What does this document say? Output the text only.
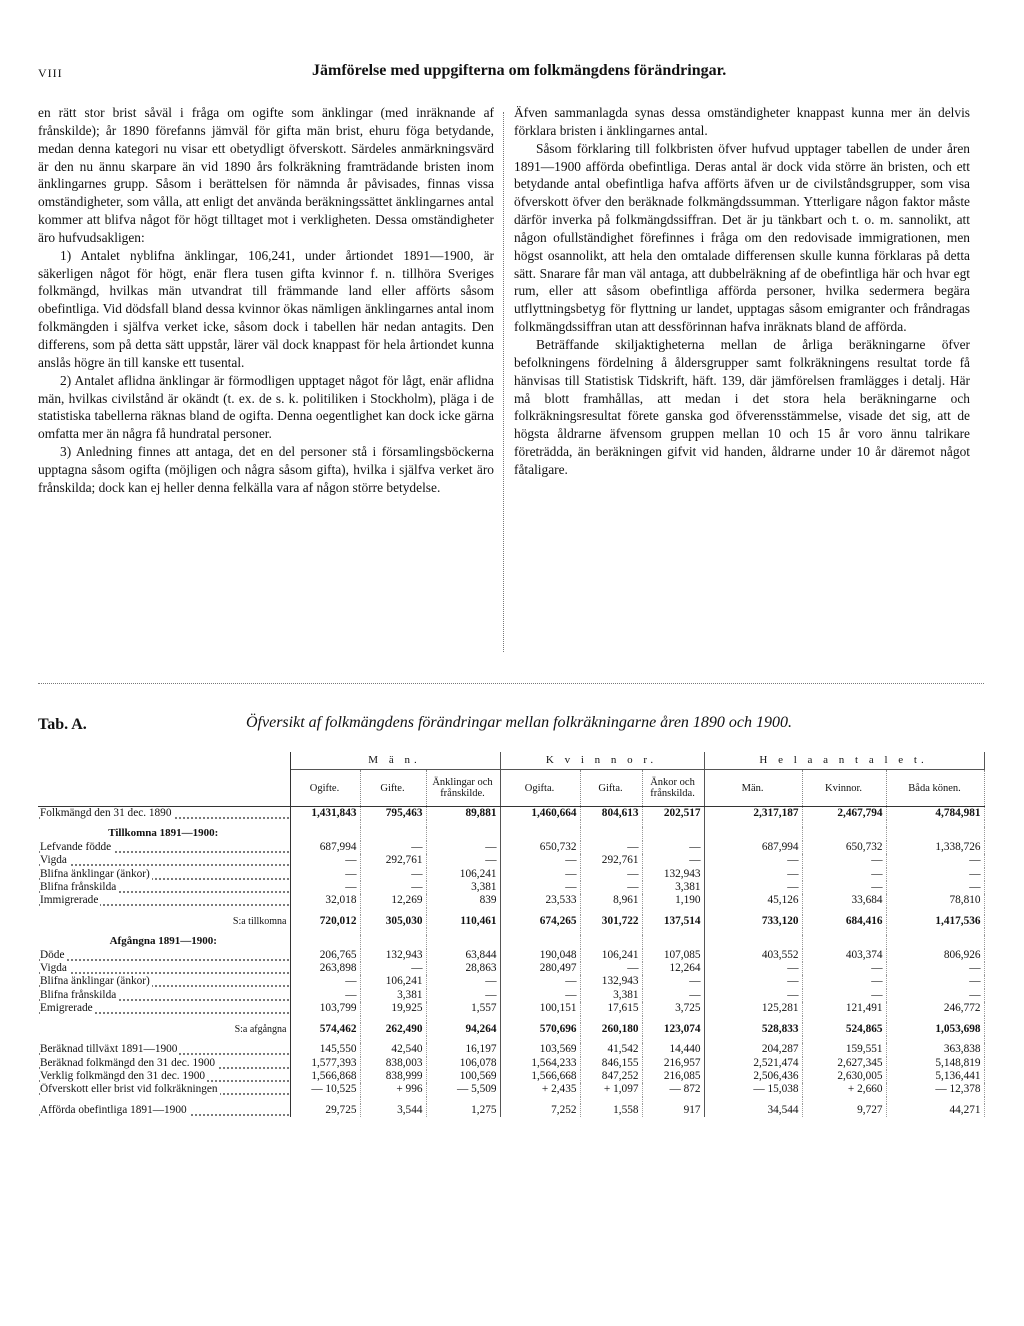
VIII	Jämförelse med uppgifterna om folkmängdens förändringar.

en rätt stor brist såväl i fråga om ogifte som änklingar (med inräknande af frånskilde); år 1890 förefanns jämväl för gifta män brist, ehuru föga betydande, medan denna kategori nu visar ett obetydligt öfverskott. Särdeles anmärkningsvärd är den nu ännu skarpare än vid 1890 års folkräkning framträdande bristen inom änklingarnes grupp. Såsom i berättelsen för nämnda år påvisades, finnas vissa omständigheter, som vålla, att enligt det använda beräkningssättet änklingarnes antal kommer att blifva något för högt tilltaget mot i verkligheten. Dessa omständigheter äro hufvudsakligen:

1) Antalet nyblifna änklingar, 106,241, under årtiondet 1891—1900, är säkerligen något för högt, enär flera tusen gifta kvinnor f. n. tillhöra Sveriges folkmängd, hvilkas män utvandrat till främmande land eller afförts såsom obefintliga. Vid dödsfall bland dessa kvinnor ökas nämligen änklingarnes antal inom folkmängden i själfva verket icke, såsom dock i tabellen här nedan antagits. Den differens, som på detta sätt uppstår, lärer väl dock knappast för hela årtiondet kunna anslås högre än till kanske ett tusental.

2) Antalet aflidna änklingar är förmodligen upptaget något för lågt, enär aflidna män, hvilkas civilstånd är okändt (t. ex. de s. k. politiliken i Stockholm), pläga i de statistiska tabellerna räknas bland de ogifta. Denna oegentlighet kan dock icke gärna omfatta mer än några få hundratal personer.

3) Anledning finnes att antaga, det en del personer stå i församlingsböckerna upptagna såsom ogifta (möjligen och några såsom gifta), hvilka i själfva verket äro frånskilda; dock kan ej heller denna felkälla vara af någon större betydelse.

Äfven sammanlagda synas dessa omständigheter knappast kunna mer än delvis förklara bristen i änklingarnes antal.

Såsom förklaring till folkbristen öfver hufvud upptager tabellen de under åren 1891—1900 afförda obefintliga. Deras antal är dock vida större än bristen, och ett betydande antal obefintliga hafva afförts äfven ur de civilståndsgrupper, som visa öfverskott öfver den beräknade folkmängdssumman. Ytterligare någon faktor måste därför inverka på folkmängdssiffran. Det är ju tänkbart och t. o. m. sannolikt, att någon ofullständighet förefinnes i fråga om den redovisade immigrationen, men högst osannolikt, att hela den omtalade differensen skulle kunna förklaras på detta sätt. Snarare får man väl antaga, att dubbelräkning af de obefintliga här och hvar egt rum, eller att såsom obefintliga afförda personer, hvilka sedermera begära utflyttningsbetyg för flyttning ur landet, upptagas såsom emigranter och fråndragas folkmängdssiffran utan att dessförinnan hafva inräknats bland de afförda.

Beträffande skiljaktigheterna mellan de årliga beräkningarne öfver befolkningens fördelning å åldersgrupper samt folkräkningens resultat torde få hänvisas till Statistisk Tidskrift, häft. 139, där jämförelsen framlägges i detalj. Här må blott framhållas, att medan i det stora hela beräkningarne och folkräkningsresultat förete ganska god öfverensstämmelse, visade det sig, att de högsta åldrarne äfvensom gruppen mellan 10 och 15 år voro ännu talrikare företrädda, än beräkningen gifvit vid handen, åldrarne under 10 år däremot något fåtaligare.

Tab. A.	Öfversikt af folkmängdens förändringar mellan folkräkningarne åren 1890 och 1900.
	M ä n.			K v i n n o r.			H e l a a n t a l e t.		
	Ogifte.	Gifte.	Änklingar och frånskilde.	Ogifta.	Gifta.	Änkor och frånskilda.	Män.	Kvinnor.	Båda könen.
Folkmängd den 31 dec. 1890	1,431,843	795,463	89,881	1,460,664	804,613	202,517	2,317,187	2,467,794	4,784,981

Tillkomna 1891—1900:									
Lefvande födde	687,994	—	—	650,732	—	—	687,994	650,732	1,338,726
Vigda	—	292,761	—	—	292,761	—	—	—	—
Blifna änklingar (änkor)	—	—	106,241	—	—	132,943	—	—	—
Blifna frånskilda	—	—	3,381	—	—	3,381	—	—	—
Immigrerade	32,018	12,269	839	23,533	8,961	1,190	45,126	33,684	78,810

S:a tillkomna	720,012	305,030	110,461	674,265	301,722	137,514	733,120	684,416	1,417,536

Afgångna 1891—1900:									
Döde	206,765	132,943	63,844	190,048	106,241	107,085	403,552	403,374	806,926
Vigda	263,898	—	28,863	280,497	—	12,264	—	—	—
Blifna änklingar (änkor)	—	106,241	—	—	132,943	—	—	—	—
Blifna frånskilda	—	3,381	—	—	3,381	—	—	—	—
Emigrerade	103,799	19,925	1,557	100,151	17,615	3,725	125,281	121,491	246,772

S:a afgångna	574,462	262,490	94,264	570,696	260,180	123,074	528,833	524,865	1,053,698

Beräknad tillväxt 1891—1900	145,550	42,540	16,197	103,569	41,542	14,440	204,287	159,551	363,838
Beräknad folkmängd den 31 dec. 1900	1,577,393	838,003	106,078	1,564,233	846,155	216,957	2,521,474	2,627,345	5,148,819
Verklig folkmängd den 31 dec. 1900	1,566,868	838,999	100,569	1,566,668	847,252	216,085	2,506,436	2,630,005	5,136,441
Öfverskott eller brist vid folkräkningen	— 10,525	+ 996	— 5,509	+ 2,435	+ 1,097	— 872	— 15,038	+ 2,660	— 12,378

Afförda obefintliga 1891—1900	29,725	3,544	1,275	7,252	1,558	917	34,544	9,727	44,271
